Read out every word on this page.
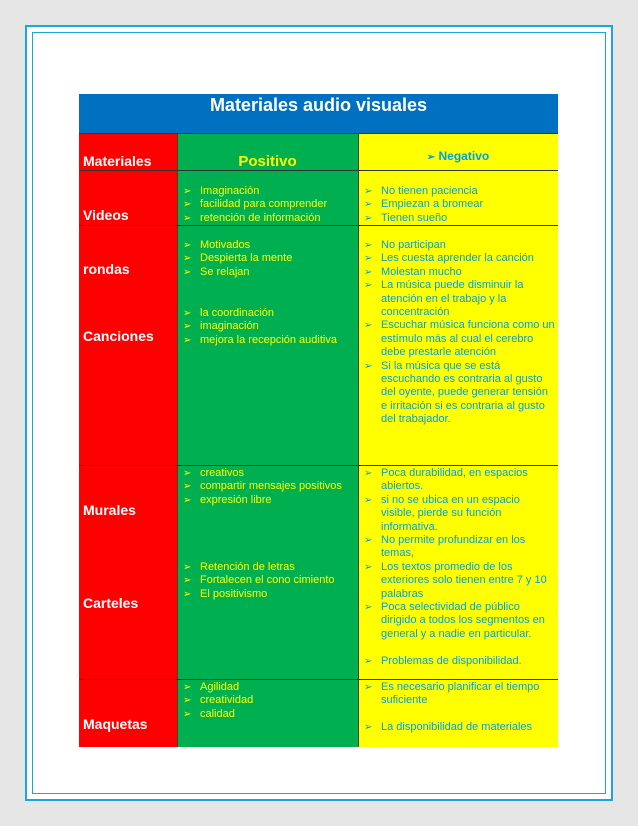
Materiales audio visuales
Materiales	Positivo	➢ Negativo
Videos
rondas
Canciones
Murales
Carteles
Maquetas
➢ Imaginación
➢ facilidad para comprender
➢ retención de información
➢ No tienen paciencia
➢ Empiezan a bromear
➢ Tienen sueño
➢ Motivados
➢ Despierta la mente
➢ Se relajan
➢ No participan
➢ Les cuesta aprender la canción
➢ Molestan mucho
➢ La música puede disminuir la atención en el trabajo y la concentración
➢ Escuchar música funciona como un estímulo más al cual el cerebro debe prestarle atención
➢ Si la música que se está escuchando es contraria al gusto del oyente, puede generar tensión e irritación si es contraria al gusto del trabajador.
➢ la coordinación
➢ imaginación
➢ mejora la recepción auditiva
➢ creativos
➢ compartir mensajes positivos
➢ expresión libre
➢ Poca durabilidad, en espacios abiertos.
➢ si no se ubica en un espacio visible, pierde su función informativa.
➢ No permite profundizar en los temas,
➢ Los textos promedio de los exteriores solo tienen entre 7 y 10 palabras
➢ Poca selectividad de público dirigido a todos los segmentos en general y a nadie en particular.
➢ Problemas de disponibilidad.
➢ Retención de letras
➢ Fortalecen el cono cimiento
➢ El positivismo
➢ Agilidad
➢ creatividad
➢ calidad
➢ Es necesario planificar el tiempo suficiente
➢ La disponibilidad de materiales
